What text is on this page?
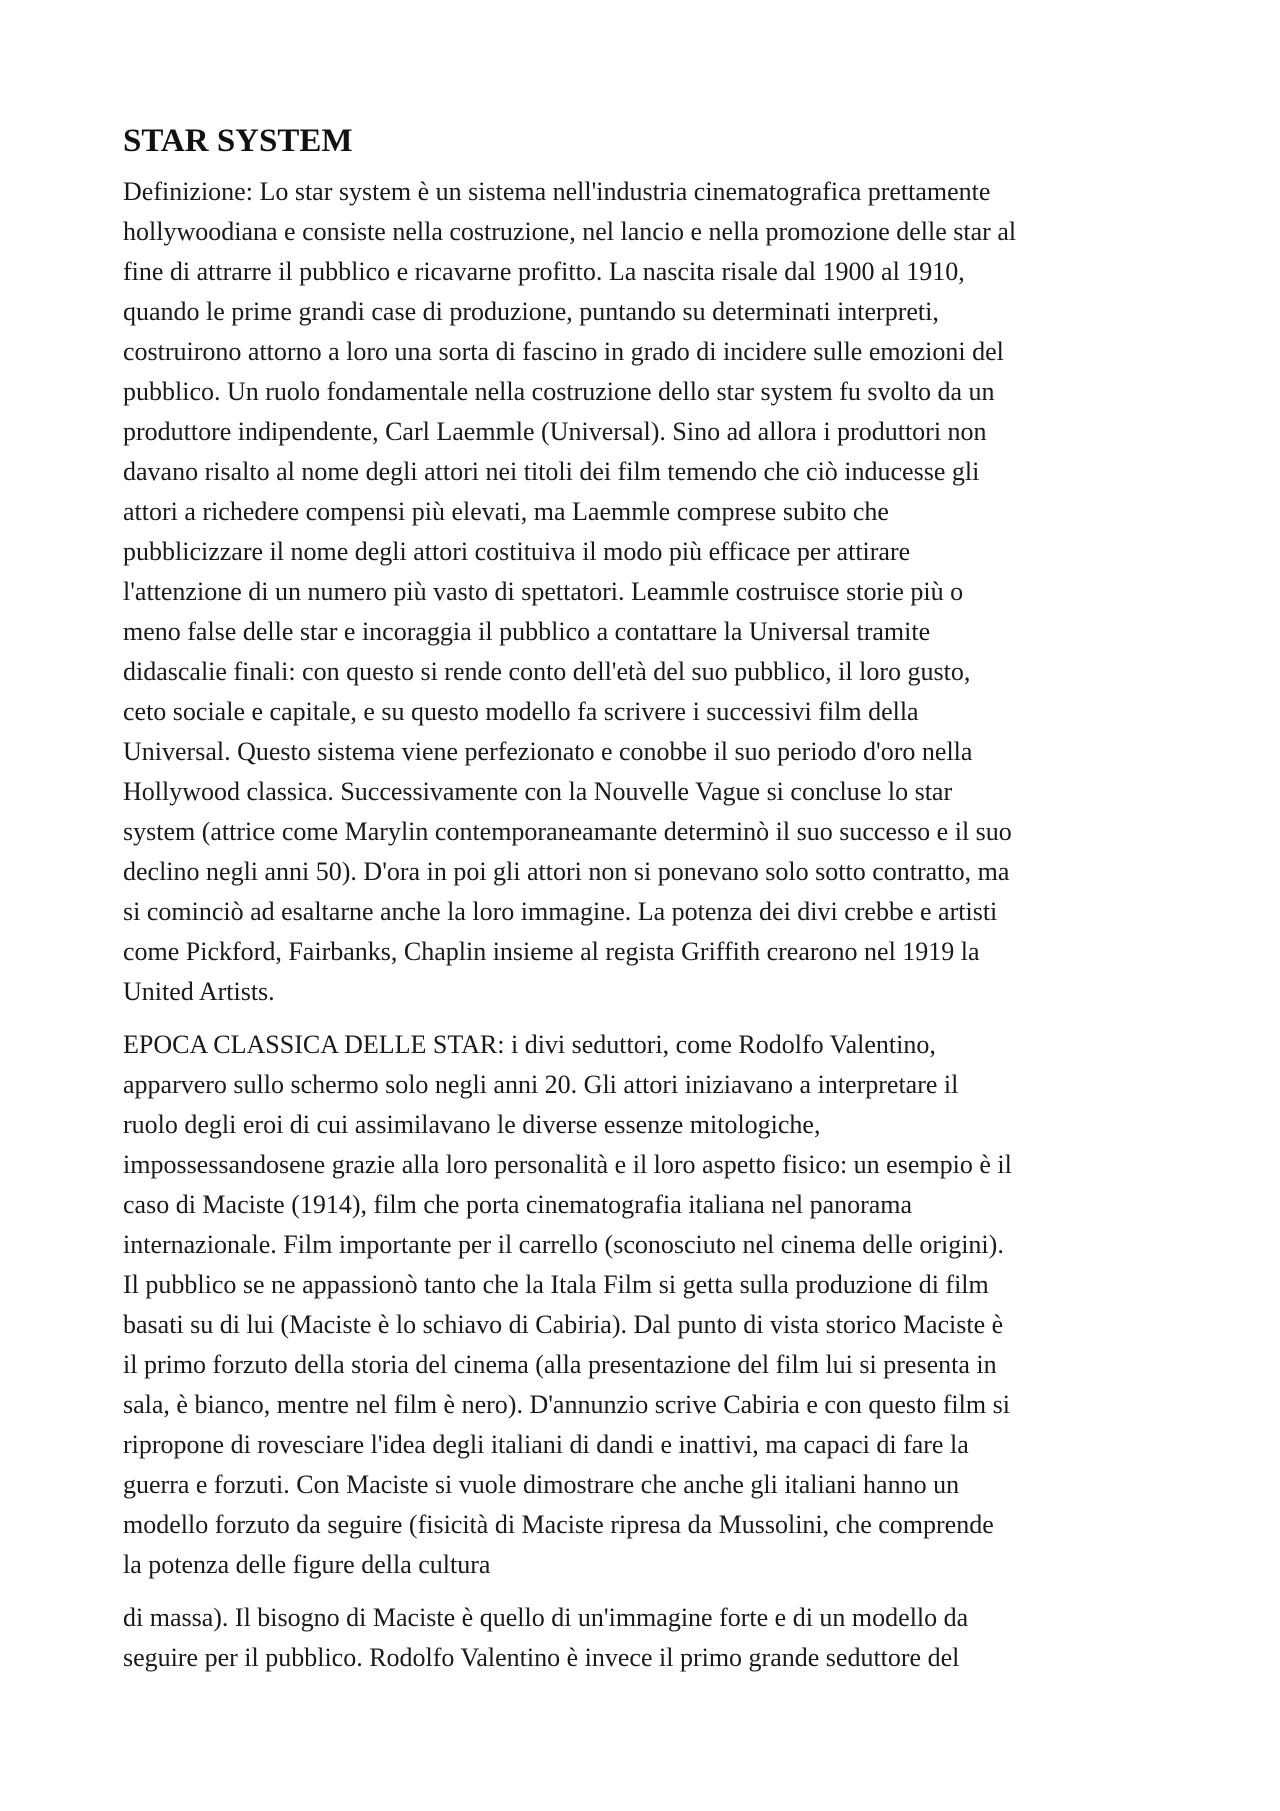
STAR SYSTEM

Definizione: Lo star system è un sistema nell'industria cinematografica prettamente
hollywoodiana e consiste nella costruzione, nel lancio e nella promozione delle star al
fine di attrarre il pubblico e ricavarne profitto. La nascita risale dal 1900 al 1910,
quando le prime grandi case di produzione, puntando su determinati interpreti,
costruirono attorno a loro una sorta di fascino in grado di incidere sulle emozioni del
pubblico. Un ruolo fondamentale nella costruzione dello star system fu svolto da un
produttore indipendente, Carl Laemmle (Universal). Sino ad allora i produttori non
davano risalto al nome degli attori nei titoli dei film temendo che ciò inducesse gli
attori a richedere compensi più elevati, ma Laemmle comprese subito che
pubblicizzare il nome degli attori costituiva il modo più efficace per attirare
l'attenzione di un numero più vasto di spettatori. Leammle costruisce storie più o
meno false delle star e incoraggia il pubblico a contattare la Universal tramite
didascalie finali: con questo si rende conto dell'età del suo pubblico, il loro gusto,
ceto sociale e capitale, e su questo modello fa scrivere i successivi film della
Universal. Questo sistema viene perfezionato e conobbe il suo periodo d'oro nella
Hollywood classica. Successivamente con la Nouvelle Vague si concluse lo star
system (attrice come Marylin contemporaneamante determinò il suo successo e il suo
declino negli anni 50). D'ora in poi gli attori non si ponevano solo sotto contratto, ma
si cominciò ad esaltarne anche la loro immagine. La potenza dei divi crebbe e artisti
come Pickford, Fairbanks, Chaplin insieme al regista Griffith crearono nel 1919 la
United Artists.

EPOCA CLASSICA DELLE STAR: i divi seduttori, come Rodolfo Valentino,
apparvero sullo schermo solo negli anni 20. Gli attori iniziavano a interpretare il
ruolo degli eroi di cui assimilavano le diverse essenze mitologiche,
impossessandosene grazie alla loro personalità e il loro aspetto fisico: un esempio è il
caso di Maciste (1914), film che porta cinematografia italiana nel panorama
internazionale. Film importante per il carrello (sconosciuto nel cinema delle origini).
Il pubblico se ne appassionò tanto che la Itala Film si getta sulla produzione di film
basati su di lui (Maciste è lo schiavo di Cabiria). Dal punto di vista storico Maciste è
il primo forzuto della storia del cinema (alla presentazione del film lui si presenta in
sala, è bianco, mentre nel film è nero). D'annunzio scrive Cabiria e con questo film si
ripropone di rovesciare l'idea degli italiani di dandi e inattivi, ma capaci di fare la
guerra e forzuti. Con Maciste si vuole dimostrare che anche gli italiani hanno un
modello forzuto da seguire (fisicità di Maciste ripresa da Mussolini, che comprende
la potenza delle figure della cultura

di massa). Il bisogno di Maciste è quello di un'immagine forte e di un modello da
seguire per il pubblico. Rodolfo Valentino è invece il primo grande seduttore del
